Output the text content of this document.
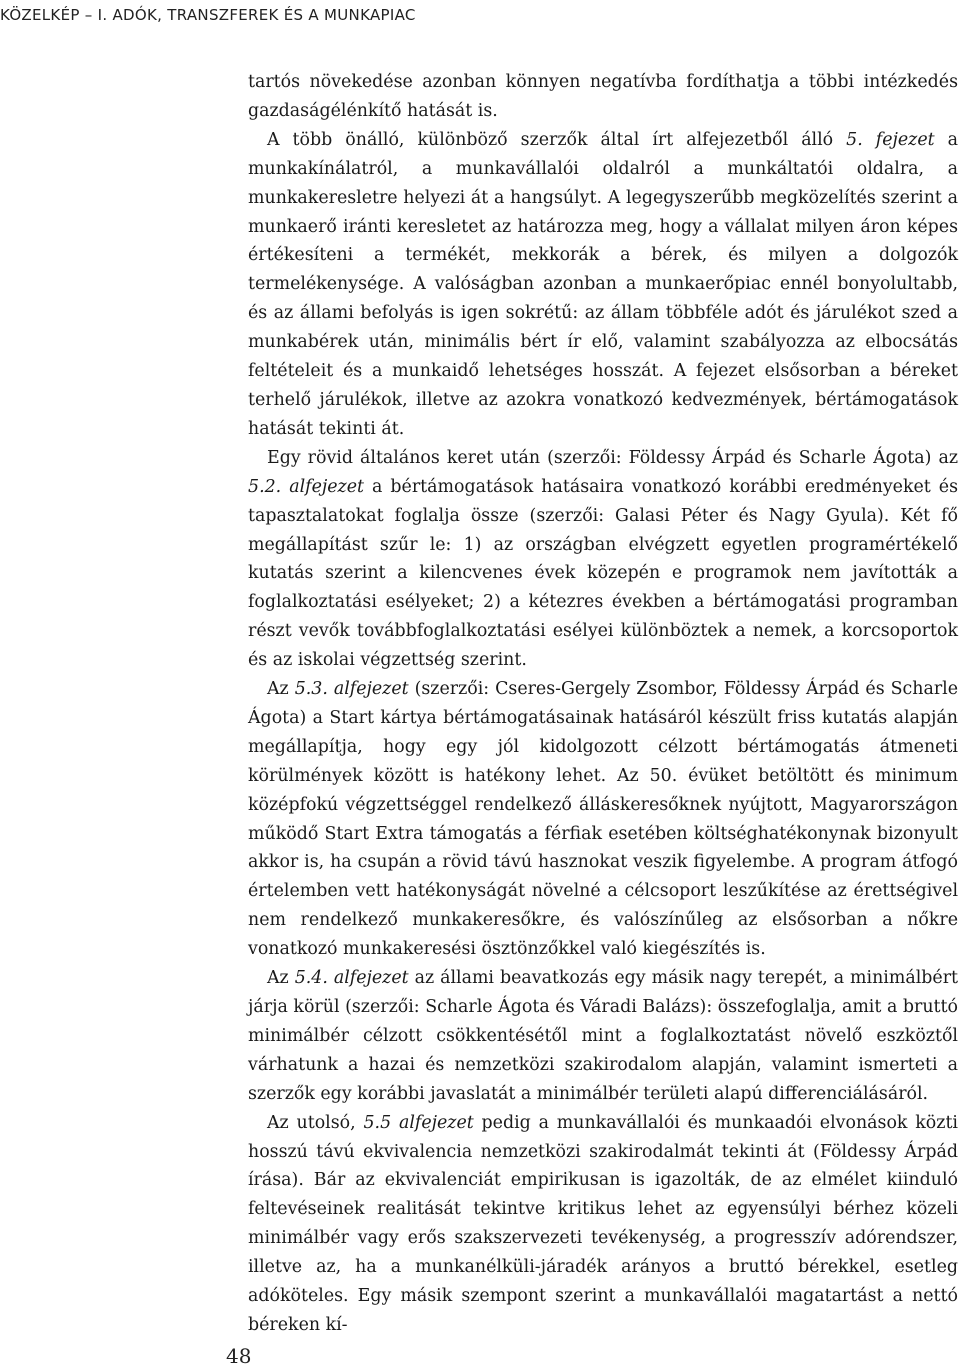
KÖZELKÉP – I. ADÓK, TRANSZFEREK ÉS A MUNKAPIAC

tartós növekedése azonban könnyen negatívba fordíthatja a többi intézkedés gazdaságélénkítő hatását is.

A több önálló, különböző szerzők által írt alfejezetből álló 5. fejezet a munkakínálatról, a munkavállalói oldalról a munkáltatói oldalra, a munkakeresletre helyezi át a hangsúlyt. A legegyszerűbb megközelítés szerint a munkaerő iránti keresletet az határozza meg, hogy a vállalat milyen áron képes értékesíteni a termékét, mekkorák a bérek, és milyen a dolgozók termelékenysége. A valóságban azonban a munkaerőpiac ennél bonyolultabb, és az állami befolyás is igen sokrétű: az állam többféle adót és járulékot szed a munkabérek után, minimális bért ír elő, valamint szabályozza az elbocsátás feltételeit és a munkaidő lehetséges hosszát. A fejezet elsősorban a béreket terhelő járulékok, illetve az azokra vonatkozó kedvezmények, bértámogatások hatását tekinti át.

Egy rövid általános keret után (szerzői: Földessy Árpád és Scharle Ágota) az 5.2. alfejezet a bértámogatások hatásaira vonatkozó korábbi eredményeket és tapasztalatokat foglalja össze (szerzői: Galasi Péter és Nagy Gyula). Két fő megállapítást szűr le: 1) az országban elvégzett egyetlen programértékelő kutatás szerint a kilencvenes évek közepén e programok nem javították a foglalkoztatási esélyeket; 2) a kétezres években a bértámogatási programban részt vevők továbbfoglalkoztatási esélyei különböztek a nemek, a korcsoportok és az iskolai végzettség szerint.

Az 5.3. alfejezet (szerzői: Cseres-Gergely Zsombor, Földessy Árpád és Scharle Ágota) a Start kártya bértámogatásainak hatásáról készült friss kutatás alapján megállapítja, hogy egy jól kidolgozott célzott bértámogatás átmeneti körülmények között is hatékony lehet. Az 50. évüket betöltött és minimum középfokú végzettséggel rendelkező álláskeresőknek nyújtott, Magyarországon működő Start Extra támogatás a férfiak esetében költséghatékonynak bizonyult akkor is, ha csupán a rövid távú hasznokat veszik figyelembe. A program átfogó értelemben vett hatékonyságát növelné a célcsoport leszűkítése az érettségivel nem rendelkező munkakeresőkre, és valószínűleg az elsősorban a nőkre vonatkozó munkakeresési ösztönzőkkel való kiegészítés is.

Az 5.4. alfejezet az állami beavatkozás egy másik nagy terepét, a minimálbért járja körül (szerzői: Scharle Ágota és Váradi Balázs): összefoglalja, amit a bruttó minimálbér célzott csökkentésétől mint a foglalkoztatást növelő eszköztől várhatunk a hazai és nemzetközi szakirodalom alapján, valamint ismerteti a szerzők egy korábbi javaslatát a minimálbér területi alapú differenciálásáról.

Az utolsó, 5.5 alfejezet pedig a munkavállalói és munkaadói elvonások közti hosszú távú ekvivalencia nemzetközi szakirodalmát tekinti át (Földessy Árpád írása). Bár az ekvivalenciát empirikusan is igazolták, de az elmélet kiinduló feltevéseinek realitását tekintve kritikus lehet az egyensúlyi bérhez közeli minimálbér vagy erős szakszervezeti tevékenység, a progresszív adórendszer, illetve az, ha a munkanélküli-járadék arányos a bruttó bérekkel, esetleg adóköteles. Egy másik szempont szerint a munkavállalói magatartást a nettó béreken kí-

48
